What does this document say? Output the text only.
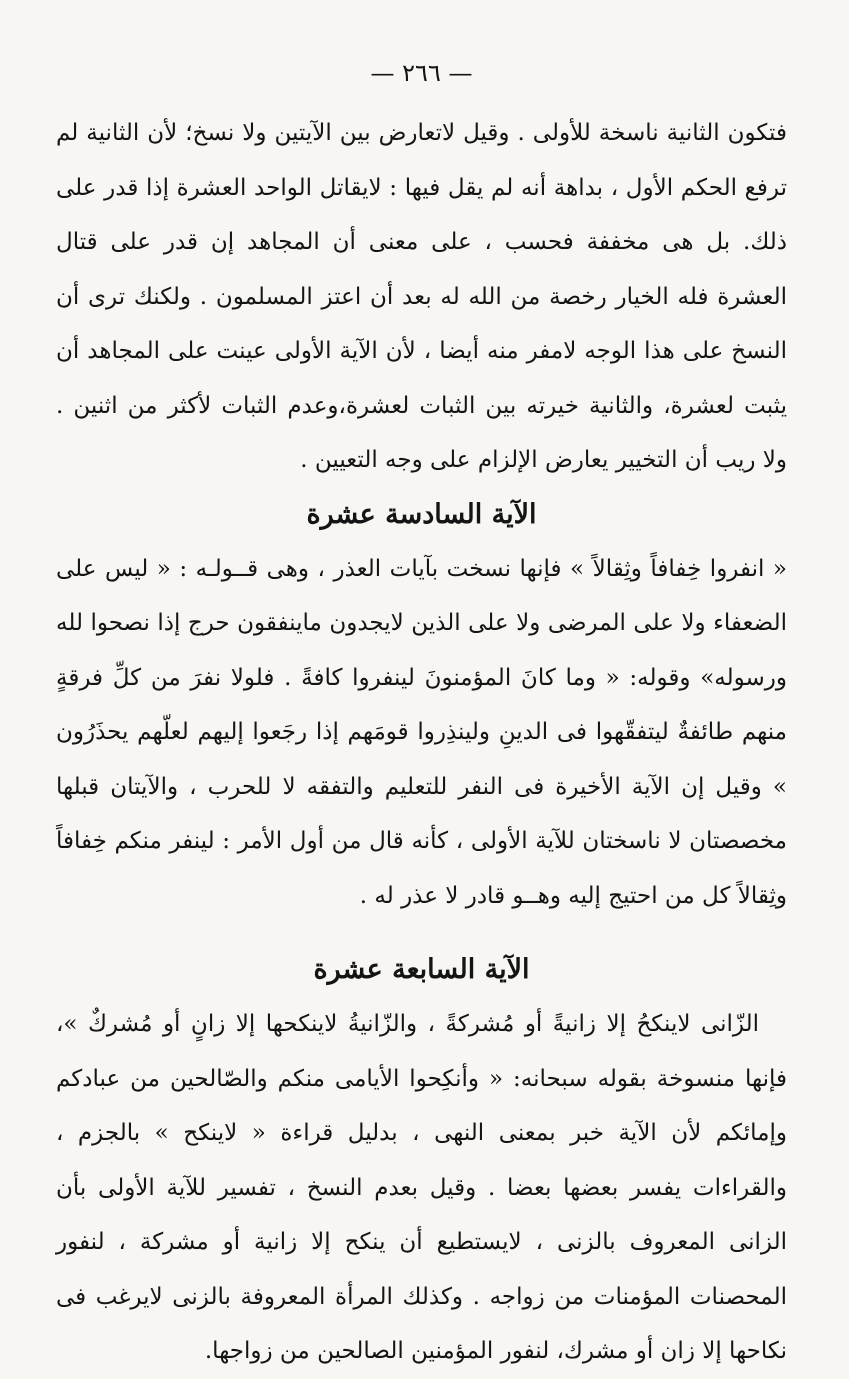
— ٢٦٦ —

فتكون الثانية ناسخة للأولى . وقيل لاتعارض بين الآيتين ولا نسخ؛ لأن الثانية لم ترفع الحكم الأول ، بداهة أنه لم يقل فيها : لايقاتل الواحد العشرة إذا قدر على ذلك. بل هى مخففة فحسب ، على معنى أن المجاهد إن قدر على قتال العشرة فله الخيار رخصة من الله له بعد أن اعتز المسلمون . ولكنك ترى أن النسخ على هذا الوجه لامفر منه أيضا ، لأن الآية الأولى عينت على المجاهد أن يثبت لعشرة، والثانية خيرته بين الثبات لعشرة،وعدم الثبات لأكثر من اثنين . ولا ريب أن التخيير يعارض الإلزام على وجه التعيين .

الآية السادسة عشرة

« انفروا خِفافاً وثِقالاً » فإنها نسخت بآيات العذر ، وهى قــولـه : « ليس على الضعفاء ولا على المرضى ولا على الذين لايجدون ماينفقون حرج إذا نصحوا لله ورسوله» وقوله: « وما كانَ المؤمنونَ لينفروا كافةً . فلولا نفرَ من كلِّ فرقةٍ منهم طائفةٌ ليتفقّهوا فى الدينِ ولينذِروا قومَهم إذا رجَعوا إليهم لعلّهم يحذَرُون » وقيل إن الآية الأخيرة فى النفر للتعليم والتفقه لا للحرب ، والآيتان قبلها مخصصتان لا ناسختان للآية الأولى ، كأنه قال من أول الأمر : لينفر منكم خِفافاً وثِقالاً كل من احتيج إليه وهــو قادر لا عذر له .

الآية السابعة عشرة

الزّانى لاينكحُ إلا زانيةً أو مُشركةً ، والزّانيةُ لاينكحها إلا زانٍ أو مُشركٌ »، فإنها منسوخة بقوله سبحانه: « وأنكِحوا الأيامى منكم والصّالحين من عبادكم وإمائكم لأن الآية خبر بمعنى النهى ، بدليل قراءة « لاينكح » بالجزم ، والقراءات يفسر بعضها بعضا . وقيل بعدم النسخ ، تفسير للآية الأولى بأن الزانى المعروف بالزنى ، لايستطيع أن ينكح إلا زانية أو مشركة ، لنفور المحصنات المؤمنات من زواجه . وكذلك المرأة المعروفة بالزنى لايرغب فى نكاحها إلا زان أو مشرك، لنفور المؤمنين الصالحين من زواجها.
